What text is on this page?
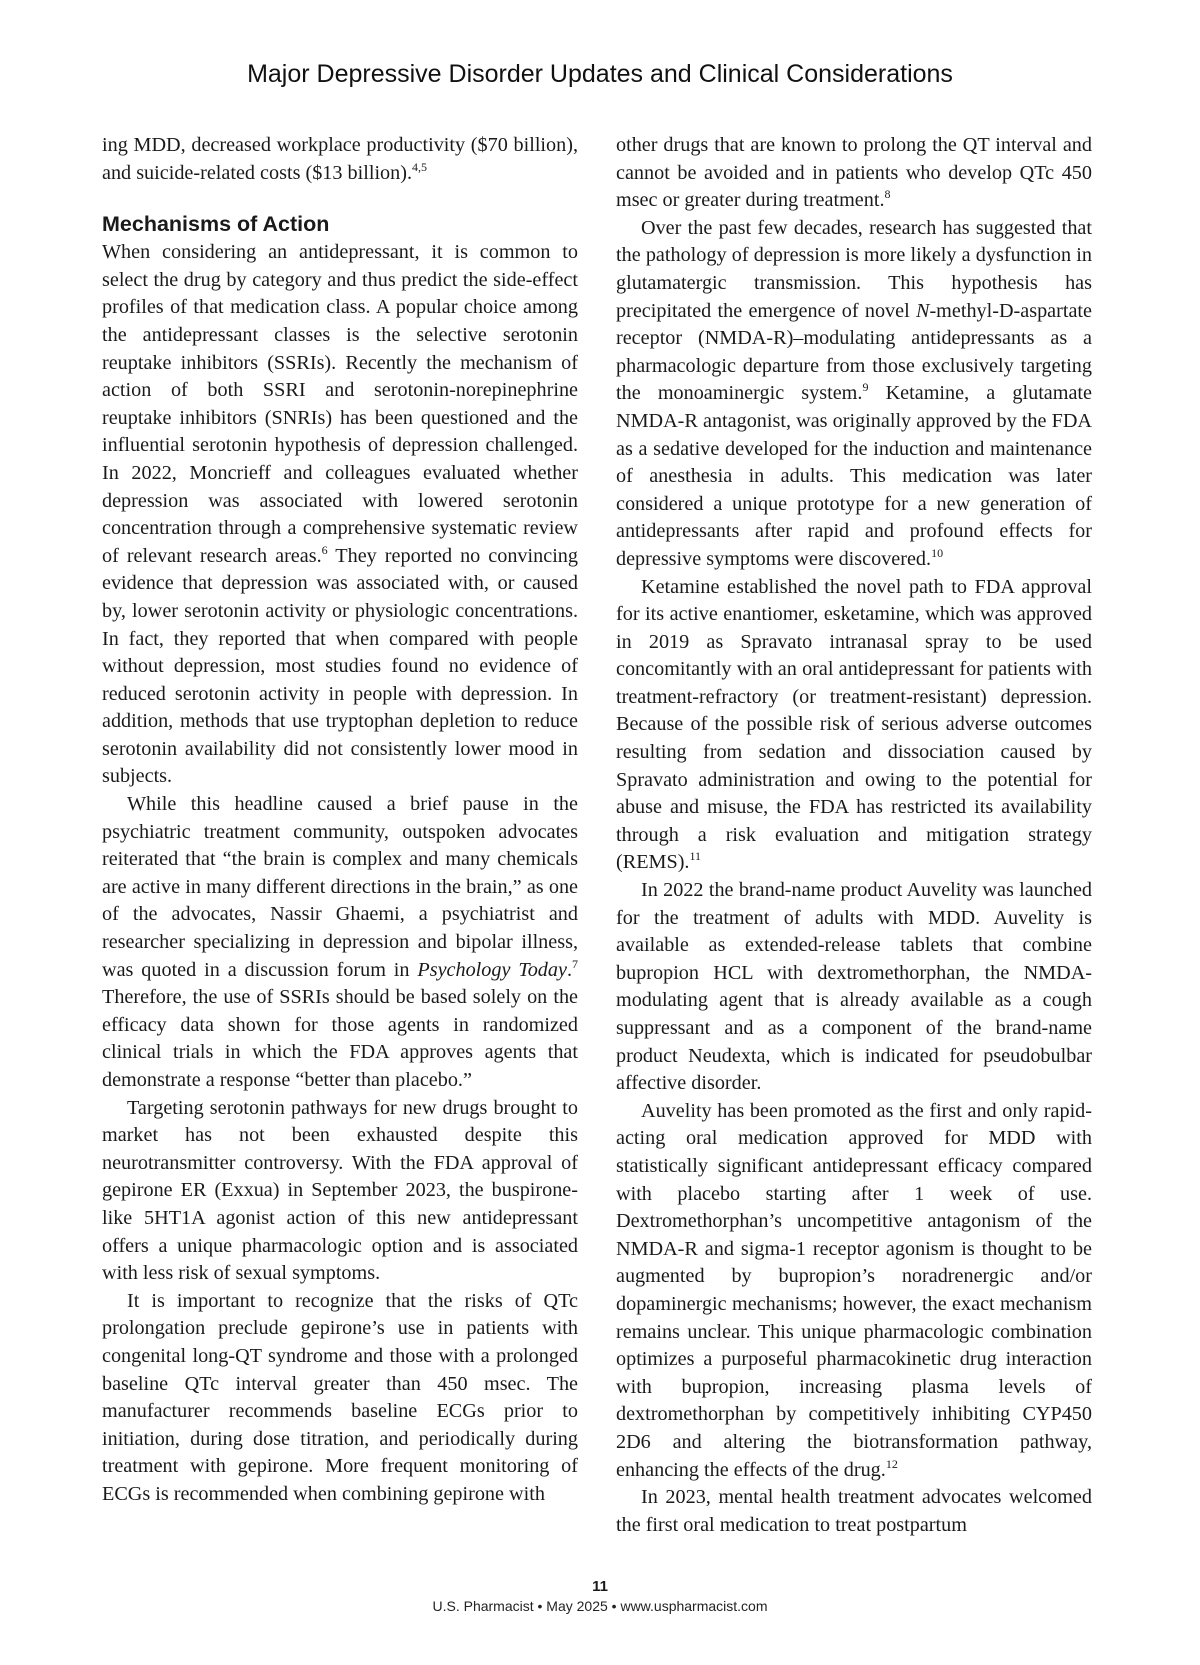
Major Depressive Disorder Updates and Clinical Considerations

ing MDD, decreased workplace productivity ($70 billion), and suicide-related costs ($13 billion).$^{4,5}$

Mechanisms of Action

When considering an antidepressant, it is common to select the drug by category and thus predict the side-effect profiles of that medication class. A popular choice among the antidepressant classes is the selective serotonin reuptake inhibitors (SSRIs). Recently the mechanism of action of both SSRI and serotonin-norepinephrine reuptake inhibitors (SNRIs) has been questioned and the influential serotonin hypothesis of depression challenged. In 2022, Moncrieff and colleagues evaluated whether depression was associated with lowered serotonin concentration through a comprehensive systematic review of relevant research areas.$^6$ They reported no convincing evidence that depression was associated with, or caused by, lower serotonin activity or physiologic concentrations. In fact, they reported that when compared with people without depression, most studies found no evidence of reduced serotonin activity in people with depression. In addition, methods that use tryptophan depletion to reduce serotonin availability did not consistently lower mood in subjects.

While this headline caused a brief pause in the psychiatric treatment community, outspoken advocates reiterated that “the brain is complex and many chemicals are active in many different directions in the brain,” as one of the advocates, Nassir Ghaemi, a psychiatrist and researcher specializing in depression and bipolar illness, was quoted in a discussion forum in Psychology Today.$^7$ Therefore, the use of SSRIs should be based solely on the efficacy data shown for those agents in randomized clinical trials in which the FDA approves agents that demonstrate a response “better than placebo.”

Targeting serotonin pathways for new drugs brought to market has not been exhausted despite this neurotransmitter controversy. With the FDA approval of gepirone ER (Exxua) in September 2023, the buspirone-like 5HT1A agonist action of this new antidepressant offers a unique pharmacologic option and is associated with less risk of sexual symptoms.

It is important to recognize that the risks of QTc prolongation preclude gepirone’s use in patients with congenital long-QT syndrome and those with a prolonged baseline QTc interval greater than 450 msec. The manufacturer recommends baseline ECGs prior to initiation, during dose titration, and periodically during treatment with gepirone. More frequent monitoring of ECGs is recommended when combining gepirone with

other drugs that are known to prolong the QT interval and cannot be avoided and in patients who develop QTc 450 msec or greater during treatment.$^8$

Over the past few decades, research has suggested that the pathology of depression is more likely a dysfunction in glutamatergic transmission. This hypothesis has precipitated the emergence of novel N-methyl-D-aspartate receptor (NMDA-R)–modulating antidepressants as a pharmacologic departure from those exclusively targeting the monoaminergic system.$^9$ Ketamine, a glutamate NMDA-R antagonist, was originally approved by the FDA as a sedative developed for the induction and maintenance of anesthesia in adults. This medication was later considered a unique prototype for a new generation of antidepressants after rapid and profound effects for depressive symptoms were discovered.$^{10}$

Ketamine established the novel path to FDA approval for its active enantiomer, esketamine, which was approved in 2019 as Spravato intranasal spray to be used concomitantly with an oral antidepressant for patients with treatment-refractory (or treatment-resistant) depression. Because of the possible risk of serious adverse outcomes resulting from sedation and dissociation caused by Spravato administration and owing to the potential for abuse and misuse, the FDA has restricted its availability through a risk evaluation and mitigation strategy (REMS).$^{11}$

In 2022 the brand-name product Auvelity was launched for the treatment of adults with MDD. Auvelity is available as extended-release tablets that combine bupropion HCL with dextromethorphan, the NMDA-modulating agent that is already available as a cough suppressant and as a component of the brand-name product Neudexta, which is indicated for pseudobulbar affective disorder.

Auvelity has been promoted as the first and only rapid-acting oral medication approved for MDD with statistically significant antidepressant efficacy compared with placebo starting after 1 week of use. Dextromethorphan’s uncompetitive antagonism of the NMDA-R and sigma-1 receptor agonism is thought to be augmented by bupropion’s noradrenergic and/or dopaminergic mechanisms; however, the exact mechanism remains unclear. This unique pharmacologic combination optimizes a purposeful pharmacokinetic drug interaction with bupropion, increasing plasma levels of dextromethorphan by competitively inhibiting CYP450 2D6 and altering the biotransformation pathway, enhancing the effects of the drug.$^{12}$

In 2023, mental health treatment advocates welcomed the first oral medication to treat postpartum

11
U.S. Pharmacist • May 2025 • www.uspharmacist.com
